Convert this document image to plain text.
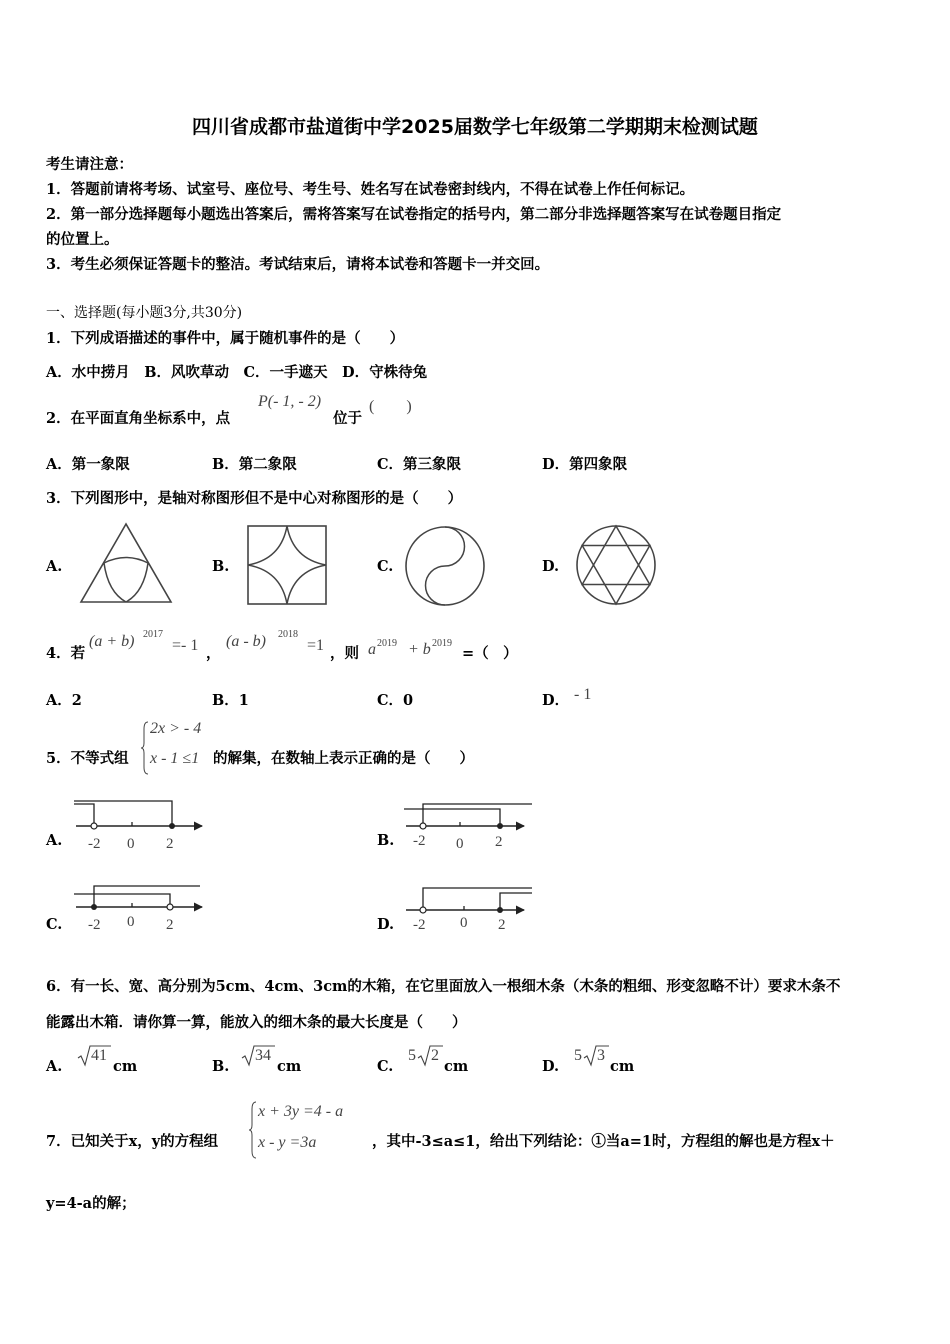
四川省成都市盐道街中学2025届数学七年级第二学期期末检测试题
考生请注意：
1．答题前请将考场、试室号、座位号、考生号、姓名写在试卷密封线内，不得在试卷上作任何标记。
2．第一部分选择题每小题选出答案后，需将答案写在试卷指定的括号内，第二部分非选择题答案写在试卷题目指定
的位置上。
3．考生必须保证答题卡的整洁。考试结束后，请将本试卷和答题卡一并交回。
一、选择题(每小题3分,共30分)
1．下列成语描述的事件中，属于随机事件的是（　　）
A．水中捞月　B．风吹草动　C．一手遮天　D．守株待兔
2．在平面直角坐标系中，点
P(- 1, - 2)
位于
(　　)
A．第一象限	B．第二象限	C．第三象限	D．第四象限
3．下列图形中，是轴对称图形但不是中心对称图形的是（　　）
A.	B.	C.	D.
4．若
(a + b) 2017
=- 1 ，
(a - b) 2018
=1 ，则 a 2019 + b 2019
=（　）
A．2	B．1	C．0	D． - 1
5．不等式组
2x > - 4
x - 1 ≤1 的解集，在数轴上表示正确的是（　　）
A.	B.
C.	D.
-2 0 2	-2 0 2
-2 0 2	-2 0 2
6．有一长、宽、高分别为5cm、4cm、3cm的木箱，在它里面放入一根细木条（木条的粗细、形变忽略不计）要求木条不
能露出木箱．请你算一算，能放入的细木条的最大长度是（　　）
A.
41
cm	B.
34
cm	C.
5 2
cm	D.
5 3
cm
7．已知关于x，y的方程组
x + 3y =4 - a
x - y =3a	，其中-3≤a≤1，给出下列结论：①当a=1时，方程组的解也是方程x＋
y=4-a的解；
